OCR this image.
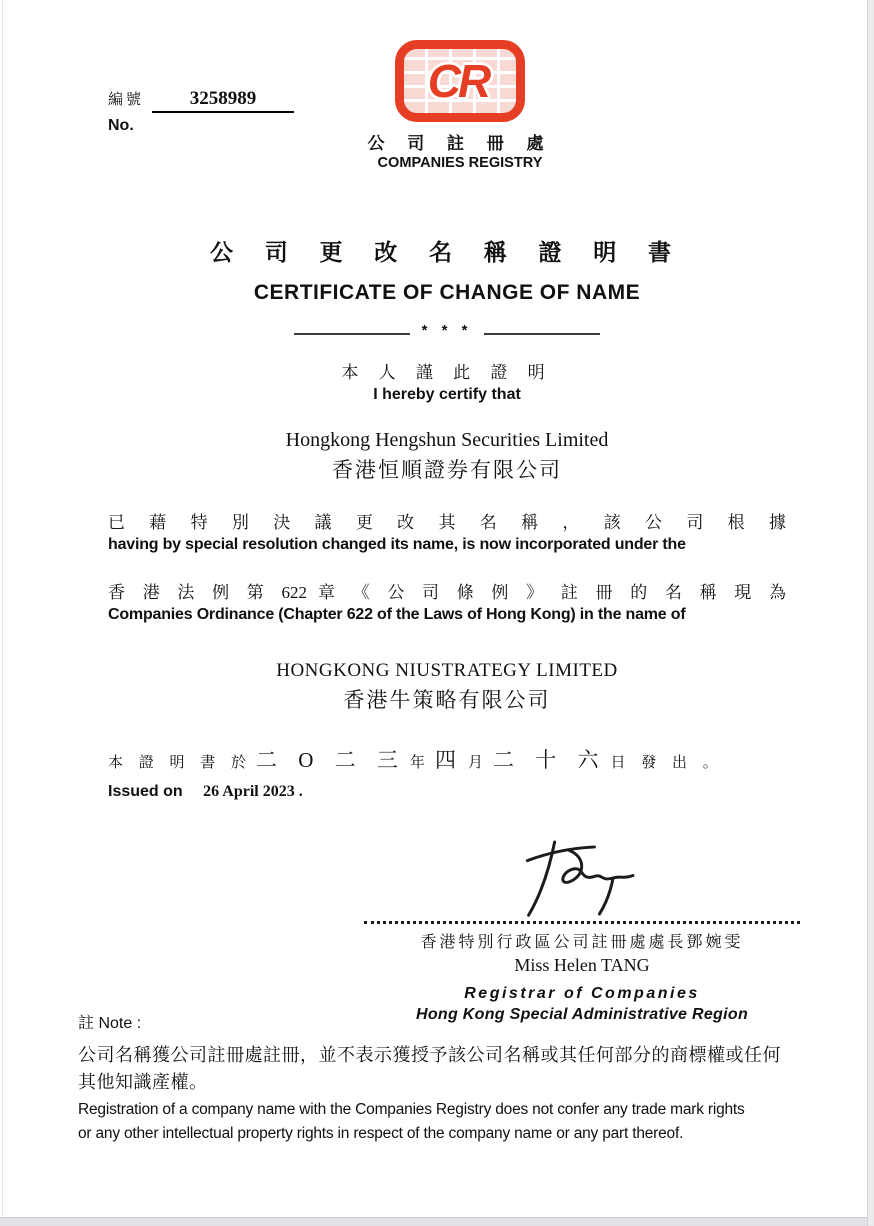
編號 3258989
No.
CR
公 司 註 冊 處
COMPANIES REGISTRY
公 司 更 改 名 稱 證 明 書
CERTIFICATE OF CHANGE OF NAME
* * *
本 人 謹 此 證 明
I hereby certify that
Hongkong Hengshun Securities Limited
香港恒順證券有限公司
已 藉 特 別 決 議 更 改 其 名 稱 ， 該 公 司 根 據
having by special resolution changed its name, is now incorporated under the
香 港 法 例 第 622 章 《 公 司 條 例 》 註 冊 的 名 稱 現 為
Companies Ordinance (Chapter 622 of the Laws of Hong Kong) in the name of
HONGKONG NIUSTRATEGY LIMITED
香港牛策略有限公司
本 證 明 書 於 二 O 二 三 年 四 月 二 十 六 日 發 出 。
Issued on 26 April 2023 .
香港特別行政區公司註冊處處長鄧婉雯
Miss Helen TANG
Registrar of Companies
Hong Kong Special Administrative Region
註 Note :
公司名稱獲公司註冊處註冊，並不表示獲授予該公司名稱或其任何部分的商標權或任何
其他知識產權。
Registration of a company name with the Companies Registry does not confer any trade mark rights
or any other intellectual property rights in respect of the company name or any part thereof.
